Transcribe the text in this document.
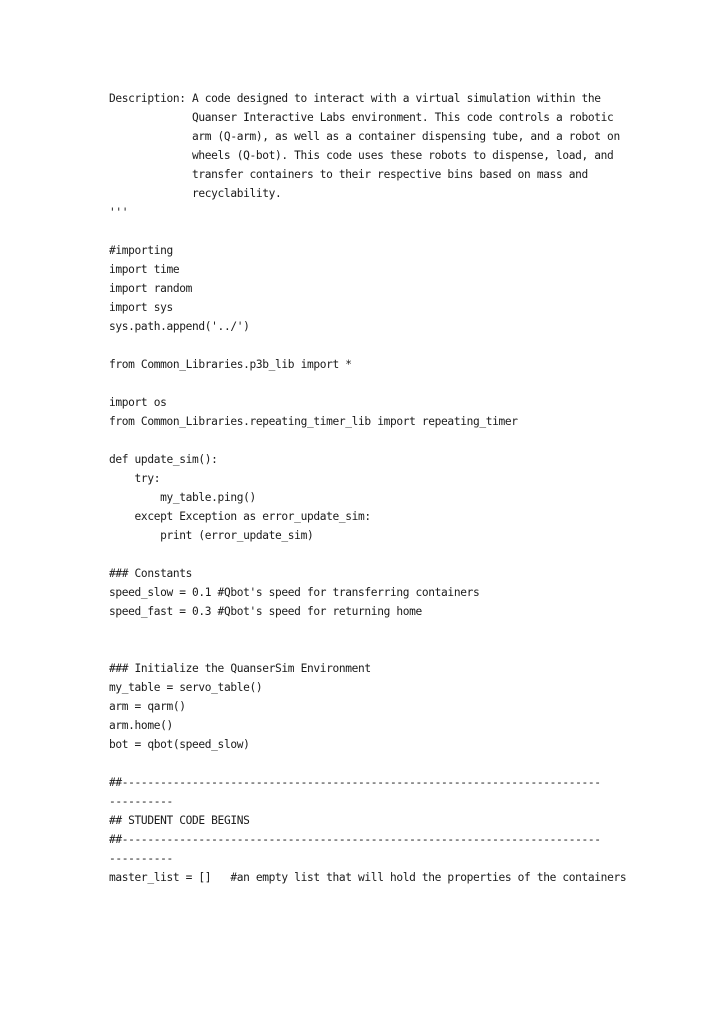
Description: A code designed to interact with a virtual simulation within the
Quanser Interactive Labs environment. This code controls a robotic
arm (Q-arm), as well as a container dispensing tube, and a robot on
wheels (Q-bot). This code uses these robots to dispense, load, and
transfer containers to their respective bins based on mass and
recyclability.
'''
#importing
import time
import random
import sys
sys.path.append('../')
from Common_Libraries.p3b_lib import *
import os
from Common_Libraries.repeating_timer_lib import repeating_timer
def update_sim():
try:
my_table.ping()
except Exception as error_update_sim:
print (error_update_sim)
### Constants
speed_slow = 0.1 #Qbot's speed for transferring containers
speed_fast = 0.3 #Qbot's speed for returning home
### Initialize the QuanserSim Environment
my_table = servo_table()
arm = qarm()
arm.home()
bot = qbot(speed_slow)
##---------------------------------------------------------------------------
----------
## STUDENT CODE BEGINS
##---------------------------------------------------------------------------
----------
master_list = []   #an empty list that will hold the properties of the containers
